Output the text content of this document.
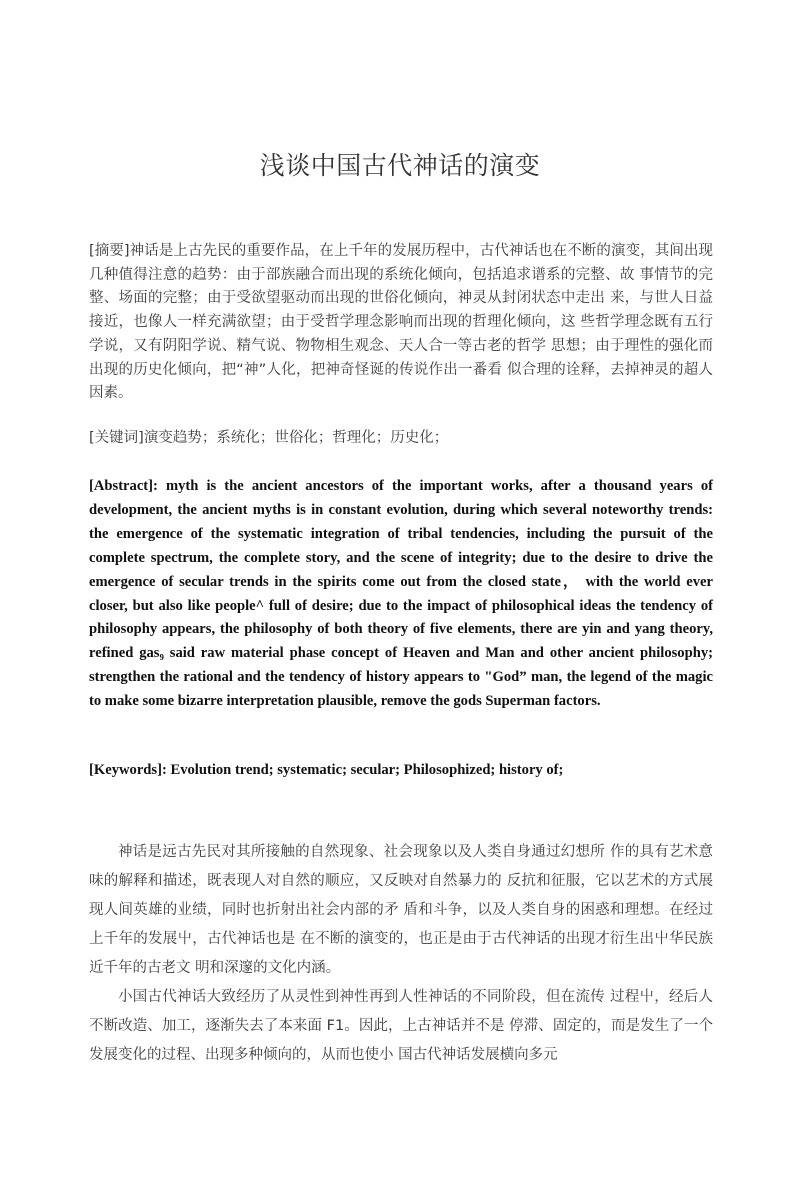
浅谈中国古代神话的演变

[摘要]神话是上古先民的重要作品，在上千年的发展历程中，古代神话也在不断的演变，其间出现几种值得注意的趋势：由于部族融合而出现的系统化倾向，包括追求谱系的完整、故 事情节的完整、场面的完整；由于受欲望驱动而出现的世俗化倾向，神灵从封闭状态中走出 来，与世人日益接近，也像人一样充满欲望；由于受哲学理念影响而出现的哲理化倾向，这 些哲学理念既有五行学说，又有阴阳学说、精气说、物物相生观念、天人合一等古老的哲学 思想；由于理性的强化而出现的历史化倾向，把“神”人化，把神奇怪诞的传说作出一番看 似合理的诠释，去掉神灵的超人因素。

[关键词]演变趋势；系统化；世俗化；哲理化；历史化；

[Abstract]: myth is the ancient ancestors of the important works, after a thousand years of development, the ancient myths is in constant evolution, during which several noteworthy trends: the emergence of the systematic integration of tribal tendencies, including the pursuit of the complete spectrum, the complete story, and the scene of integrity; due to the desire to drive the emergence of secular trends in the spirits come out from the closed state， with the world ever closer, but also like people^ full of desire; due to the impact of philosophical ideas the tendency of philosophy appears, the philosophy of both theory of five elements, there are yin and yang theory, refined gas₉ said raw material phase concept of Heaven and Man and other ancient philosophy; strengthen the rational and the tendency of history appears to "God” man, the legend of the magic to make some bizarre interpretation plausible, remove the gods Superman factors.

[Keywords]: Evolution trend; systematic; secular; Philosophized; history of;

神话是远古先民对其所接触的自然现象、社会现象以及人类自身通过幻想所 作的具有艺术意味的解释和描述，既表现人对自然的顺应，又反映对自然暴力的 反抗和征服，它以艺术的方式展现人间英雄的业绩，同时也折射出社会内部的矛 盾和斗争，以及人类自身的困惑和理想。在经过上千年的发展屮，古代神话也是 在不断的演变的，也正是由于古代神话的出现才衍生出屮华民族近千年的古老文 明和深邃的文化内涵。

小国古代神话大致经历了从灵性到神性再到人性神话的不同阶段，但在流传 过程屮，经后人不断改造、加工，逐渐失去了本来面 F1。因此，上古神话并不是 停滞、固定的，而是发生了一个发展变化的过程、出现多种倾向的，从而也使小 国古代神话发展横向多元
